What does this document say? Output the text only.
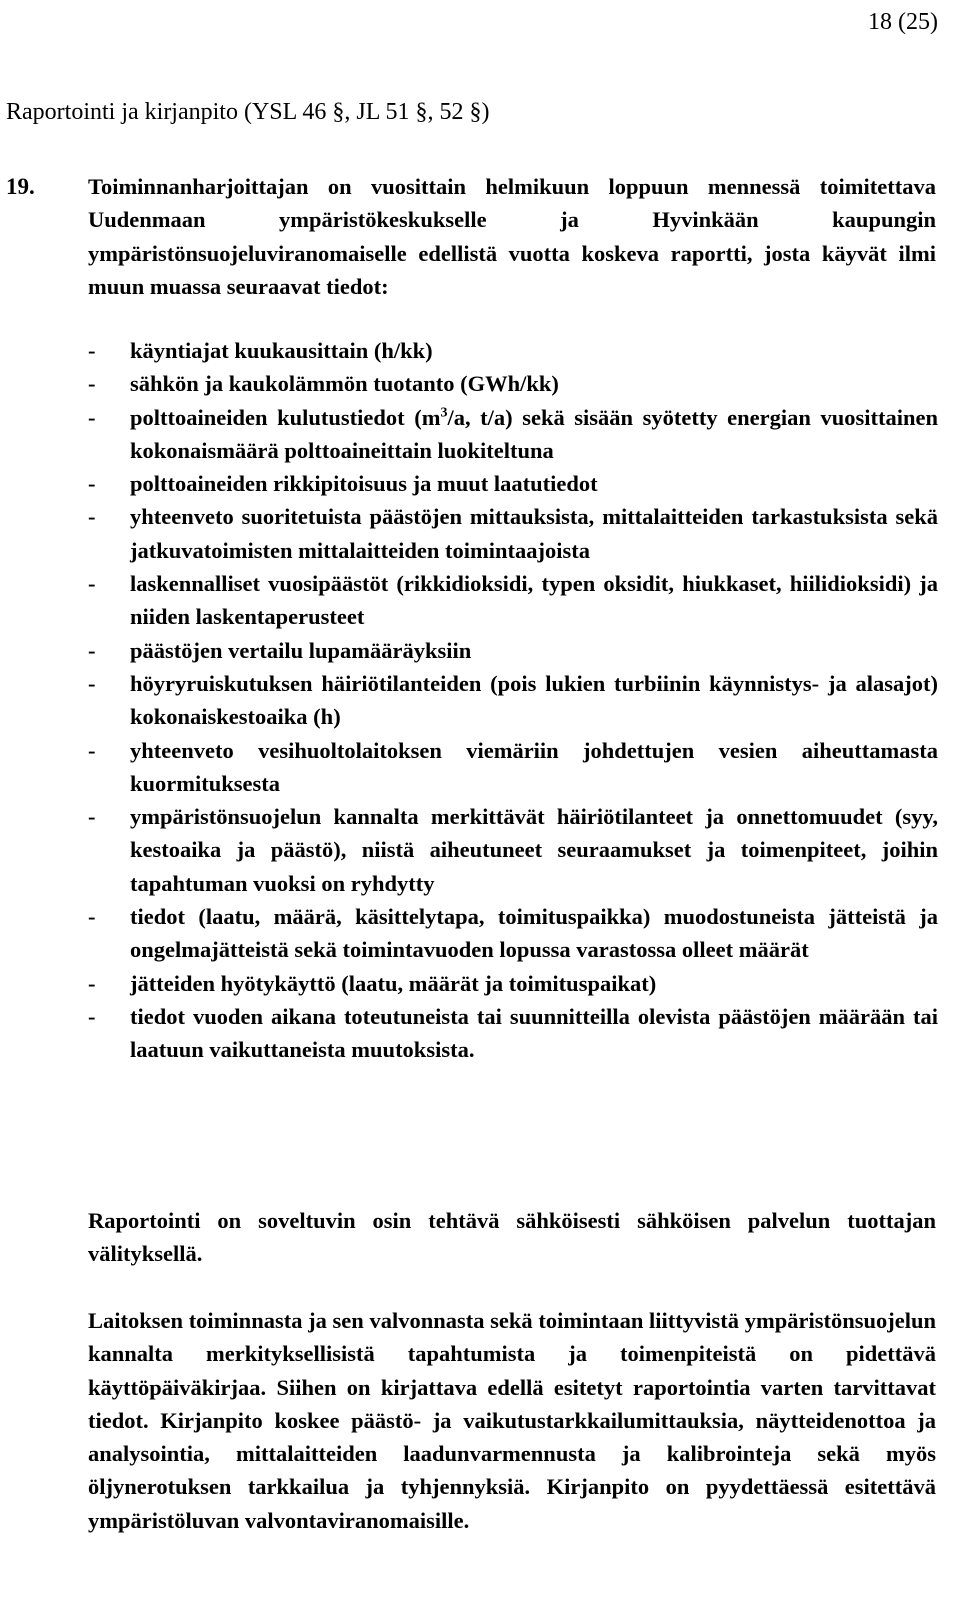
18 (25)
Raportointi ja kirjanpito (YSL 46 §, JL 51 §, 52 §)
19. Toiminnanharjoittajan on vuosittain helmikuun loppuun mennessä toimitettava Uudenmaan ympäristökeskukselle ja Hyvinkään kaupungin ympäristönsuojeluviranomaiselle edellistä vuotta koskeva raportti, josta käyvät ilmi muun muassa seuraavat tiedot:
- käyntiajat kuukausittain (h/kk)
- sähkön ja kaukolämmön tuotanto (GWh/kk)
- polttoaineiden kulutustiedot ($m^3/a$, t/a) sekä sisään syötetty energian vuosittainen kokonaismäärä polttoaineittain luokiteltuna
- polttoaineiden rikkipitoisuus ja muut laatutiedot
- yhteenveto suoritetuista päästöjen mittauksista, mittalaitteiden tarkastuksista sekä jatkuvatoimisten mittalaitteiden toimintaajoista
- laskennalliset vuosipäästöt (rikkidioksidi, typen oksidit, hiukkaset, hiilidioksidi) ja niiden laskentaperusteet
- päästöjen vertailu lupamääräyksiin
- höyryruiskutuksen häiriötilanteiden (pois lukien turbiinin käynnistys- ja alasajot) kokonaiskestoaika (h)
- yhteenveto vesihuoltolaitoksen viemäriin johdettujen vesien aiheuttamasta kuormituksesta
- ympäristönsuojelun kannalta merkittävät häiriötilanteet ja onnettomuudet (syy, kestoaika ja päästö), niistä aiheutuneet seuraamukset ja toimenpiteet, joihin tapahtuman vuoksi on ryhdytty
- tiedot (laatu, määrä, käsittelytapa, toimituspaikka) muodostuneista jätteistä ja ongelmajätteistä sekä toimintavuoden lopussa varastossa olleet määrät
- jätteiden hyötykäyttö (laatu, määrät ja toimituspaikat)
- tiedot vuoden aikana toteutuneista tai suunnitteilla olevista päästöjen määrään tai laatuun vaikuttaneista muutoksista.
Raportointi on soveltuvin osin tehtävä sähköisesti sähköisen palvelun tuottajan välityksellä.
Laitoksen toiminnasta ja sen valvonnasta sekä toimintaan liittyvistä ympäristönsuojelun kannalta merkityksellisistä tapahtumista ja toimenpiteistä on pidettävä käyttöpäiväkirjaa. Siihen on kirjattava edellä esitetyt raportointia varten tarvittavat tiedot. Kirjanpito koskee päästö- ja vaikutustarkkailumittauksia, näytteidenottoa ja analysointia, mittalaitteiden laadunvarmennusta ja kalibrointeja sekä myös öljynerotuksen tarkkailua ja tyhjennyksiä. Kirjanpito on pyydettäessä esitettävä ympäristöluvan valvontaviranomaisille.
